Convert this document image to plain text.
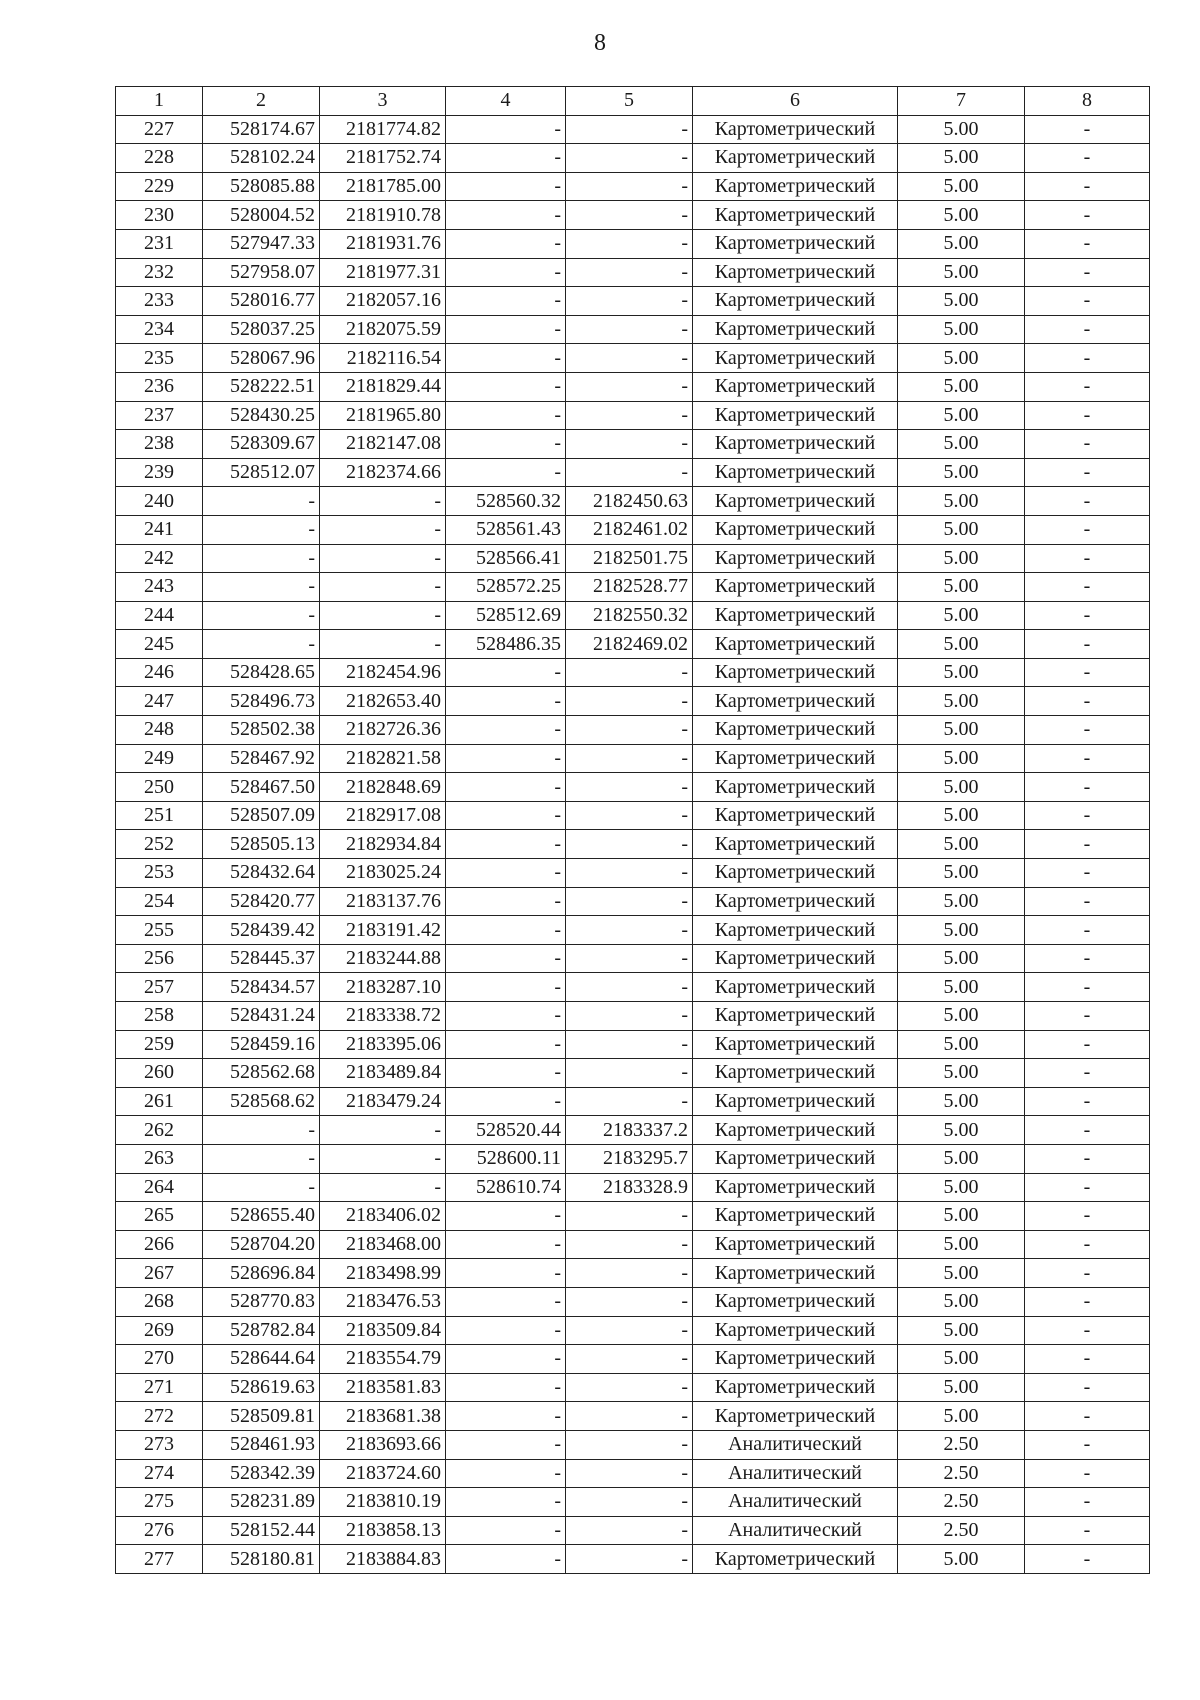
8
1	2	3	4	5	6	7	8
227	528174.67	2181774.82	-	-	Картометрический	5.00	-
228	528102.24	2181752.74	-	-	Картометрический	5.00	-
229	528085.88	2181785.00	-	-	Картометрический	5.00	-
230	528004.52	2181910.78	-	-	Картометрический	5.00	-
231	527947.33	2181931.76	-	-	Картометрический	5.00	-
232	527958.07	2181977.31	-	-	Картометрический	5.00	-
233	528016.77	2182057.16	-	-	Картометрический	5.00	-
234	528037.25	2182075.59	-	-	Картометрический	5.00	-
235	528067.96	2182116.54	-	-	Картометрический	5.00	-
236	528222.51	2181829.44	-	-	Картометрический	5.00	-
237	528430.25	2181965.80	-	-	Картометрический	5.00	-
238	528309.67	2182147.08	-	-	Картометрический	5.00	-
239	528512.07	2182374.66	-	-	Картометрический	5.00	-
240	-	-	528560.32	2182450.63	Картометрический	5.00	-
241	-	-	528561.43	2182461.02	Картометрический	5.00	-
242	-	-	528566.41	2182501.75	Картометрический	5.00	-
243	-	-	528572.25	2182528.77	Картометрический	5.00	-
244	-	-	528512.69	2182550.32	Картометрический	5.00	-
245	-	-	528486.35	2182469.02	Картометрический	5.00	-
246	528428.65	2182454.96	-	-	Картометрический	5.00	-
247	528496.73	2182653.40	-	-	Картометрический	5.00	-
248	528502.38	2182726.36	-	-	Картометрический	5.00	-
249	528467.92	2182821.58	-	-	Картометрический	5.00	-
250	528467.50	2182848.69	-	-	Картометрический	5.00	-
251	528507.09	2182917.08	-	-	Картометрический	5.00	-
252	528505.13	2182934.84	-	-	Картометрический	5.00	-
253	528432.64	2183025.24	-	-	Картометрический	5.00	-
254	528420.77	2183137.76	-	-	Картометрический	5.00	-
255	528439.42	2183191.42	-	-	Картометрический	5.00	-
256	528445.37	2183244.88	-	-	Картометрический	5.00	-
257	528434.57	2183287.10	-	-	Картометрический	5.00	-
258	528431.24	2183338.72	-	-	Картометрический	5.00	-
259	528459.16	2183395.06	-	-	Картометрический	5.00	-
260	528562.68	2183489.84	-	-	Картометрический	5.00	-
261	528568.62	2183479.24	-	-	Картометрический	5.00	-
262	-	-	528520.44	2183337.2	Картометрический	5.00	-
263	-	-	528600.11	2183295.7	Картометрический	5.00	-
264	-	-	528610.74	2183328.9	Картометрический	5.00	-
265	528655.40	2183406.02	-	-	Картометрический	5.00	-
266	528704.20	2183468.00	-	-	Картометрический	5.00	-
267	528696.84	2183498.99	-	-	Картометрический	5.00	-
268	528770.83	2183476.53	-	-	Картометрический	5.00	-
269	528782.84	2183509.84	-	-	Картометрический	5.00	-
270	528644.64	2183554.79	-	-	Картометрический	5.00	-
271	528619.63	2183581.83	-	-	Картометрический	5.00	-
272	528509.81	2183681.38	-	-	Картометрический	5.00	-
273	528461.93	2183693.66	-	-	Аналитический	2.50	-
274	528342.39	2183724.60	-	-	Аналитический	2.50	-
275	528231.89	2183810.19	-	-	Аналитический	2.50	-
276	528152.44	2183858.13	-	-	Аналитический	2.50	-
277	528180.81	2183884.83	-	-	Картометрический	5.00	-
